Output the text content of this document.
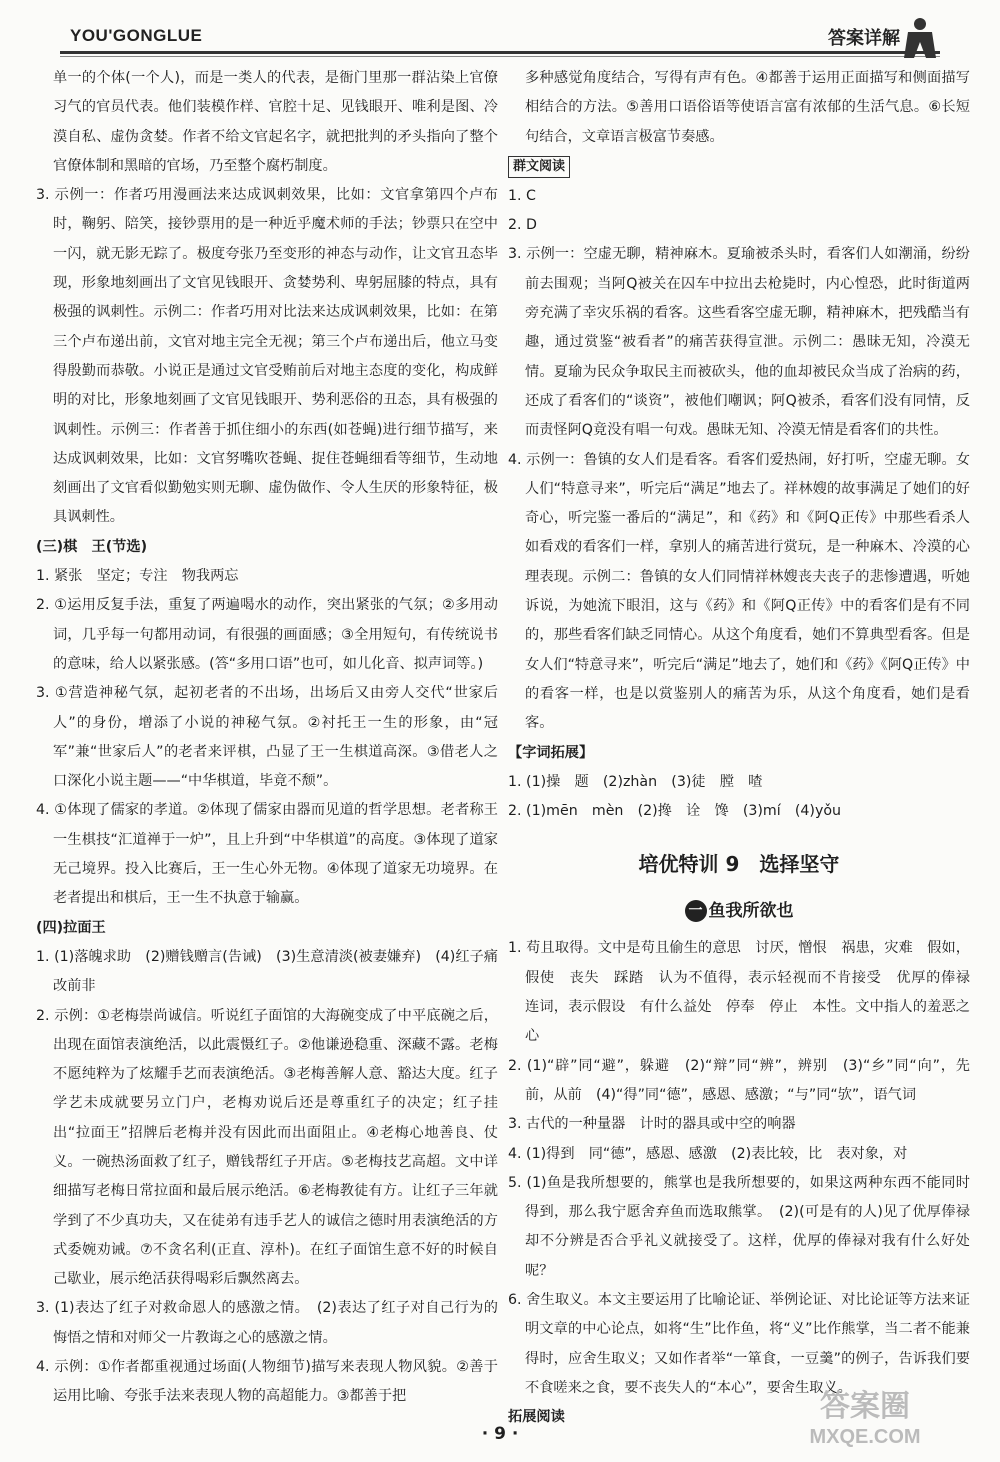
YOU'GONGLUE	答案详解

单一的个体(一个人)，而是一类人的代表，是衙门里那一群沾染上官僚习气的官员代表。他们装模作样、官腔十足、见钱眼开、唯利是图、冷漠自私、虚伪贪婪。作者不给文官起名字，就把批判的矛头指向了整个官僚体制和黑暗的官场，乃至整个腐朽制度。

3. 示例一：作者巧用漫画法来达成讽刺效果，比如：文官拿第四个卢布时，鞠躬、陪笑，接钞票用的是一种近乎魔术师的手法；钞票只在空中一闪，就无影无踪了。极度夸张乃至变形的神态与动作，让文官丑态毕现，形象地刻画出了文官见钱眼开、贪婪势利、卑躬屈膝的特点，具有极强的讽刺性。示例二：作者巧用对比法来达成讽刺效果，比如：在第三个卢布递出前，文官对地主完全无视；第三个卢布递出后，他立马变得殷勤而恭敬。小说正是通过文官受贿前后对地主态度的变化，构成鲜明的对比，形象地刻画了文官见钱眼开、势利恶俗的丑态，具有极强的讽刺性。示例三：作者善于抓住细小的东西(如苍蝇)进行细节描写，来达成讽刺效果，比如：文官努嘴吹苍蝇、捉住苍蝇细看等细节，生动地刻画出了文官看似勤勉实则无聊、虚伪做作、令人生厌的形象特征，极具讽刺性。

(三)棋　王(节选)

1. 紧张　坚定；专注　物我两忘

2. ①运用反复手法，重复了两遍喝水的动作，突出紧张的气氛；②多用动词，几乎每一句都用动词，有很强的画面感；③全用短句，有传统说书的意味，给人以紧张感。(答“多用口语”也可，如儿化音、拟声词等。)

3. ①营造神秘气氛，起初老者的不出场，出场后又由旁人交代“世家后人”的身份，增添了小说的神秘气氛。②衬托王一生的形象，由“冠军”兼“世家后人”的老者来评棋，凸显了王一生棋道高深。③借老人之口深化小说主题——“中华棋道，毕竟不颓”。

4. ①体现了儒家的孝道。②体现了儒家由器而见道的哲学思想。老者称王一生棋技“汇道禅于一炉”，且上升到“中华棋道”的高度。③体现了道家无己境界。投入比赛后，王一生心外无物。④体现了道家无功境界。在老者提出和棋后，王一生不执意于输赢。

(四)拉面王

1. (1)落魄求助　(2)赠钱赠言(告诫)　(3)生意清淡(被妻嫌弃)　(4)红子痛改前非

2. 示例：①老梅崇尚诚信。听说红子面馆的大海碗变成了中平底碗之后，出现在面馆表演绝活，以此震慑红子。②他谦逊稳重、深藏不露。老梅不愿纯粹为了炫耀手艺而表演绝活。③老梅善解人意、豁达大度。红子学艺未成就要另立门户，老梅劝说后还是尊重红子的决定；红子挂出“拉面王”招牌后老梅并没有因此而出面阻止。④老梅心地善良、仗义。一碗热汤面救了红子，赠钱帮红子开店。⑤老梅技艺高超。文中详细描写老梅日常拉面和最后展示绝活。⑥老梅教徒有方。让红子三年就学到了不少真功夫，又在徒弟有违手艺人的诚信之德时用表演绝活的方式委婉劝诫。⑦不贪名利(正直、淳朴)。在红子面馆生意不好的时候自己歇业，展示绝活获得喝彩后飘然离去。

3. (1)表达了红子对救命恩人的感激之情。　(2)表达了红子对自己行为的悔悟之情和对师父一片教诲之心的感激之情。

4. 示例：①作者都重视通过场面(人物细节)描写来表现人物风貌。②善于运用比喻、夸张手法来表现人物的高超能力。③都善于把

多种感觉角度结合，写得有声有色。④都善于运用正面描写和侧面描写相结合的方法。⑤善用口语俗语等使语言富有浓郁的生活气息。⑥长短句结合，文章语言极富节奏感。

群文阅读

1. C

2. D

3. 示例一：空虚无聊，精神麻木。夏瑜被杀头时，看客们人如潮涌，纷纷前去围观；当阿Q被关在囚车中拉出去枪毙时，内心惶恐，此时街道两旁充满了幸灾乐祸的看客。这些看客空虚无聊，精神麻木，把残酷当有趣，通过赏鉴“被看者”的痛苦获得宣泄。示例二：愚昧无知，冷漠无情。夏瑜为民众争取民主而被砍头，他的血却被民众当成了治病的药，还成了看客们的“谈资”，被他们嘲讽；阿Q被杀，看客们没有同情，反而责怪阿Q竟没有唱一句戏。愚昧无知、冷漠无情是看客们的共性。

4. 示例一：鲁镇的女人们是看客。看客们爱热闹，好打听，空虚无聊。女人们“特意寻来”，听完后“满足”地去了。祥林嫂的故事满足了她们的好奇心，听完鉴一番后的“满足”，和《药》和《阿Q正传》中那些看杀人如看戏的看客们一样，拿别人的痛苦进行赏玩，是一种麻木、冷漠的心理表现。示例二：鲁镇的女人们同情祥林嫂丧夫丧子的悲惨遭遇，听她诉说，为她流下眼泪，这与《药》和《阿Q正传》中的看客们是有不同的，那些看客们缺乏同情心。从这个角度看，她们不算典型看客。但是女人们“特意寻来”，听完后“满足”地去了，她们和《药》《阿Q正传》中的看客一样，也是以赏鉴别人的痛苦为乐，从这个角度看，她们是看客。

【字词拓展】

1. (1)操　题　(2)zhàn　(3)徒　膛　喳

2. (1)mēn　mèn　(2)搀　诠　馋　(3)mí　(4)yǒu

培优特训 9　选择坚守
一 鱼我所欲也

1. 苟且取得。文中是苟且偷生的意思　讨厌，憎恨　祸患，灾难　假如，假使　丧失　踩踏　认为不值得，表示轻视而不肯接受　优厚的俸禄　连词，表示假设　有什么益处　停奉　停止　本性。文中指人的羞恶之心

2. (1)“辟”同“避”，躲避　(2)“辩”同“辨”，辨别　(3)“乡”同“向”，先前，从前　(4)“得”同“德”，感恩、感激；“与”同“欤”，语气词

3. 古代的一种量器　计时的器具或中空的响器

4. (1)得到　同“德”，感恩、感激　(2)表比较，比　表对象，对

5. (1)鱼是我所想要的，熊掌也是我所想要的，如果这两种东西不能同时得到，那么我宁愿舍弃鱼而选取熊掌。　(2)(可是有的人)见了优厚俸禄却不分辨是否合乎礼义就接受了。这样，优厚的俸禄对我有什么好处呢？

6. 舍生取义。本文主要运用了比喻论证、举例论证、对比论证等方法来证明文章的中心论点，如将“生”比作鱼，将“义”比作熊掌，当二者不能兼得时，应舍生取义；又如作者举“一箪食，一豆羹”的例子，告诉我们要不食嗟来之食，要不丧失人的“本心”，要舍生取义。

拓展阅读	答案圈
MXQE.COM
· 9 ·
